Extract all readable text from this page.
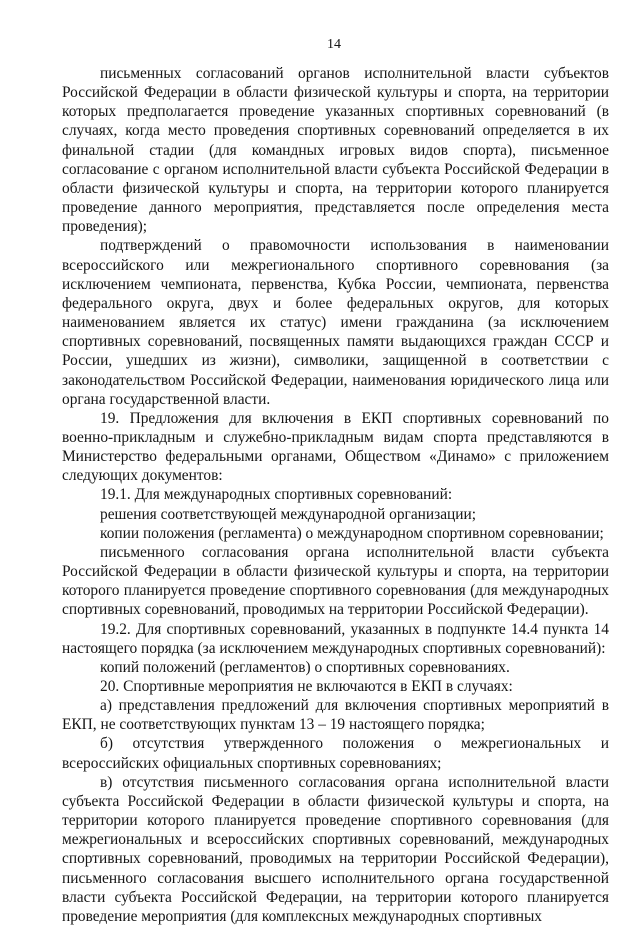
14

письменных согласований органов исполнительной власти субъектов Российской Федерации в области физической культуры и спорта, на территории которых предполагается проведение указанных спортивных соревнований (в случаях, когда место проведения спортивных соревнований определяется в их финальной стадии (для командных игровых видов спорта), письменное согласование с органом исполнительной власти субъекта Российской Федерации в области физической культуры и спорта, на территории которого планируется проведение данного мероприятия, представляется после определения места проведения);

подтверждений о правомочности использования в наименовании всероссийского или межрегионального спортивного соревнования (за исключением чемпионата, первенства, Кубка России, чемпионата, первенства федерального округа, двух и более федеральных округов, для которых наименованием является их статус) имени гражданина (за исключением спортивных соревнований, посвященных памяти выдающихся граждан СССР и России, ушедших из жизни), символики, защищенной в соответствии с законодательством Российской Федерации, наименования юридического лица или органа государственной власти.

19. Предложения для включения в ЕКП спортивных соревнований по военно-прикладным и служебно-прикладным видам спорта представляются в Министерство федеральными органами, Обществом «Динамо» с приложением следующих документов:

19.1. Для международных спортивных соревнований:

решения соответствующей международной организации;

копии положения (регламента) о международном спортивном соревновании;

письменного согласования органа исполнительной власти субъекта Российской Федерации в области физической культуры и спорта, на территории которого планируется проведение спортивного соревнования (для международных спортивных соревнований, проводимых на территории Российской Федерации).

19.2. Для спортивных соревнований, указанных в подпункте 14.4 пункта 14 настоящего порядка (за исключением международных спортивных соревнований):

копий положений (регламентов) о спортивных соревнованиях.

20. Спортивные мероприятия не включаются в ЕКП в случаях:

а) представления предложений для включения спортивных мероприятий в ЕКП, не соответствующих пунктам 13 – 19 настоящего порядка;

б) отсутствия утвержденного положения о межрегиональных и всероссийских официальных спортивных соревнованиях;

в) отсутствия письменного согласования органа исполнительной власти субъекта Российской Федерации в области физической культуры и спорта, на территории которого планируется проведение спортивного соревнования (для межрегиональных и всероссийских спортивных соревнований, международных спортивных соревнований, проводимых на территории Российской Федерации), письменного согласования высшего исполнительного органа государственной власти субъекта Российской Федерации, на территории которого планируется проведение мероприятия (для комплексных международных спортивных
